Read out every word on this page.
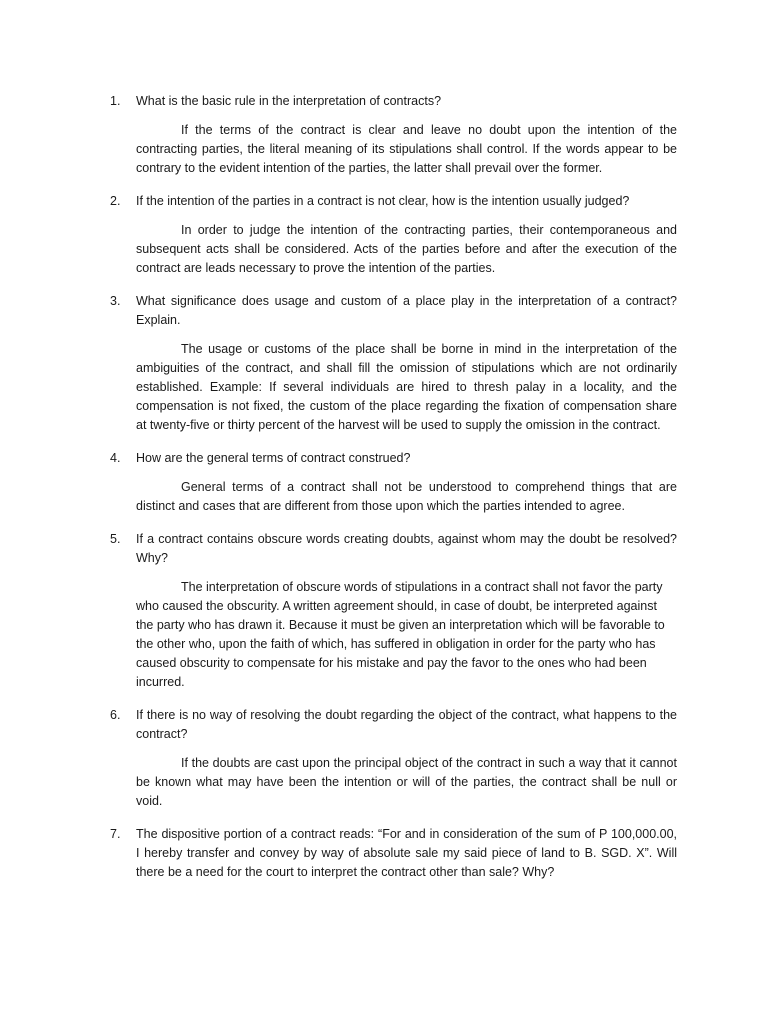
1.	What is the basic rule in the interpretation of contracts?
If the terms of the contract is clear and leave no doubt upon the intention of the contracting parties, the literal meaning of its stipulations shall control. If the words appear to be contrary to the evident intention of the parties, the latter shall prevail over the former.
2.	If the intention of the parties in a contract is not clear, how is the intention usually judged?
In order to judge the intention of the contracting parties, their contemporaneous and subsequent acts shall be considered. Acts of the parties before and after the execution of the contract are leads necessary to prove the intention of the parties.
3.	What significance does usage and custom of a place play in the interpretation of a contract? Explain.
The usage or customs of the place shall be borne in mind in the interpretation of the ambiguities of the contract, and shall fill the omission of stipulations which are not ordinarily established. Example: If several individuals are hired to thresh palay in a locality, and the compensation is not fixed, the custom of the place regarding the fixation of compensation share at twenty-five or thirty percent of the harvest will be used to supply the omission in the contract.
4.	How are the general terms of contract construed?
General terms of a contract shall not be understood to comprehend things that are distinct and cases that are different from those upon which the parties intended to agree.
5.	If a contract contains obscure words creating doubts, against whom may the doubt be resolved? Why?
The interpretation of obscure words of stipulations in a contract shall not favor the party who caused the obscurity. A written agreement should, in case of doubt, be interpreted against the party who has drawn it. Because it must be given an interpretation which will be favorable to the other who, upon the faith of which, has suffered in obligation in order for the party who has caused obscurity to compensate for his mistake and pay the favor to the ones who had been incurred.
6.	If there is no way of resolving the doubt regarding the object of the contract, what happens to the contract?
If the doubts are cast upon the principal object of the contract in such a way that it cannot be known what may have been the intention or will of the parties, the contract shall be null or void.
7.	The dispositive portion of a contract reads: “For and in consideration of the sum of P 100,000.00, I hereby transfer and convey by way of absolute sale my said piece of land to B. SGD. X”. Will there be a need for the court to interpret the contract other than sale? Why?
